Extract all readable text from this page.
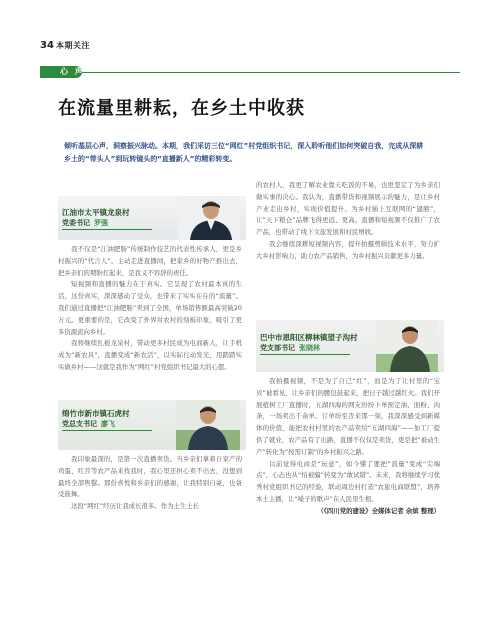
34 本期关注
心 声
在流量里耕耘，在乡土中收获

倾听基层心声，洞察振兴脉动。本期，我们采访三位“网红”村党组织书记，深入聆听他们如何突破自我，完成从深耕乡土的“带头人”到玩转镜头的“直播新人”的精彩转变。

江油市太平镇龙泉村
党委书记 罗强

我不仅是“江油肥肠”传统制作技艺的代表性传承人，更是乡村振兴的“代言人”。主动走进直播间，把家乡的好物产推出去，把乡亲们的期盼扛起来，是我义不容辞的责任。

短视频和直播的魅力在于真实。它呈现了农村最本真的生活，这份真实，深深感动了受众，也带来了实实在在的“流量”。我们通过直播把“江油肥肠”卖到了全国，单场销售额最高突破20万元。更重要的是，它改变了外界对农村的刻板印象，吸引了更多资源流向乡村。

我将继续扎根龙泉村，带动更多村民成为电商新人，让手机成为“新农具”，直播变成“新农活”，以实际行动发光，用踏踏实实做乡村——这就是我作为“网红”村党组织书记最大的心愿。

绵竹市新市镇石虎村
党总支书记 廖飞

我印象最深的，是第一次直播卖货。当乡亲们拿着自家产的鸡蛋、红苕等农产品来找我时，我心里还担心卖不出去，没想到最终全部售罄。那份喜悦和乡亲们的感谢，让我特别自豪，也备受鼓舞。

这段“网红”经历让我成长很多。作为土生土长

的农村人，我更了解农业靠天吃饭的不易，也更坚定了为乡亲们做实事的决心。我认为，直播带货和视频展示的魅力，是让乡村产业走出乡村，实现价值提升。为乡村插上互联网的“翅膀”，让“天下粮仓”品牌飞得更远、更高。直播和短视频不仅推广了农产品，也带动了线下文旅发展和村民增收。

我会继续深耕短视频内容，提升拍摄剪辑技术水平，努力扩大乡村影响力，助力农产品销售，为乡村振兴贡献更多力量。

巴中市恩阳区柳林镇望子沟村
党支部书记 张晓林

我拍摄视频，不是为了自己“红”，而是为了让村里的“宝贝”被看见，让乡亲们的腰包鼓起来，把日子越过越红火。我们开展植树工厂直播时，五湖四海的网友纷纷下单预定油、面粉、肉条，一场卖出千余单。订单纷至沓来那一刻，我深深感受到新媒体的价值，能把农村村里的农产品卖给“五湖四海”——加工厂提供了就业，农产品有了出路，直播不仅仅是卖货，更是把“被动生产”转化为“按需订制”的乡村振兴之路。

以前觉得电商是“玩意”，如今懂了要把“流量”变成“尖端点”，心态也从“怕被骗”转变为“敢试错”。未来，我将继续学习优秀村党组织书记的经验，联动周边村打造“农旅电商联盟”，培养本土主播，让“嗓子的歌声”在人民里生根。

（《四川党的建设》全媒体记者 余嫔 整理）
